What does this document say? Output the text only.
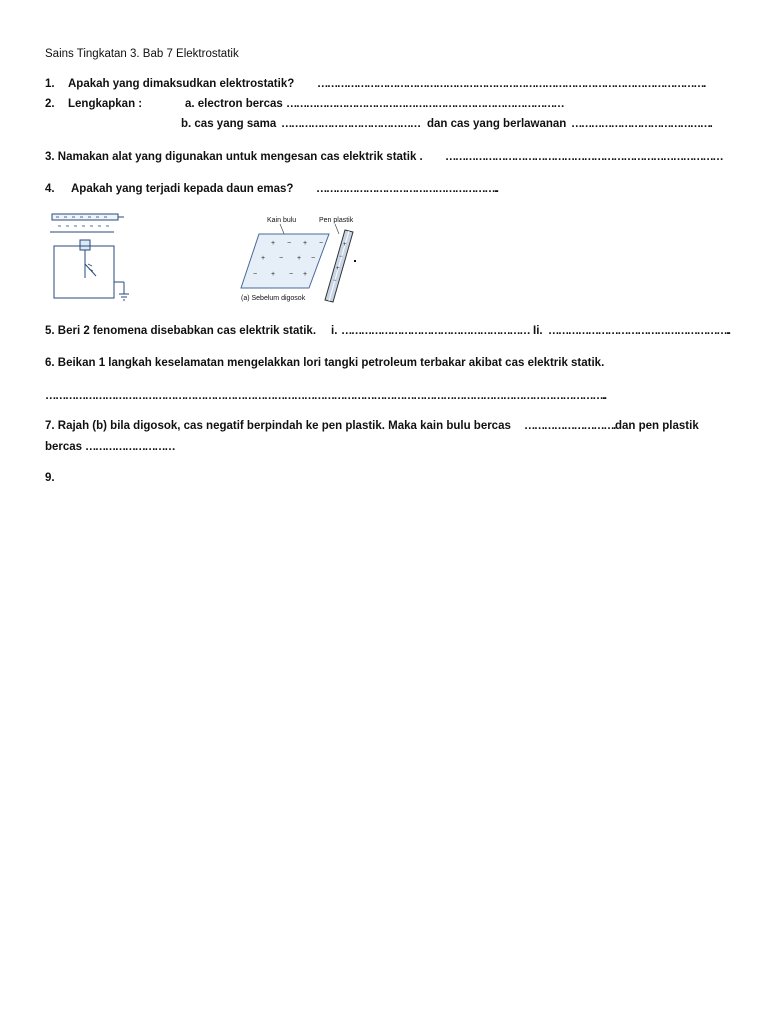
Sains Tingkatan 3. Bab 7 Elektrostatik
1. Apakah yang dimaksudkan elektrostatik? ……………………………………………………………………………………………………….
2. Lengkapkan :	a. electron bercas …………………………………………………………………………
b. cas yang sama …………………………………… dan cas yang berlawanan …………………………………….
3. Namakan alat yang digunakan untuk mengesan cas elektrik statik . …………………………………………………………………………
4. Apakah yang terjadi kepada daun emas? ………………………………………………..
Kain bulu	Pen plastik
+ − + −
+ − + −
− + − +
+
−
+
−
(a) Sebelum digosok
5. Beri 2 fenomena disebabkan cas elektrik statik. i. ………………………………………………… Ii. ………………………………………………..
6. Beikan 1 langkah keselamatan mengelakkan lori tangki petroleum terbakar akibat cas elektrik statik.
……………………………………………………………………………………………………………………………………………………..
7. Rajah (b) bila digosok, cas negatif berpindah ke pen plastik. Maka kain bulu bercas ………………………. dan pen plastik
bercas ………………………
9.
